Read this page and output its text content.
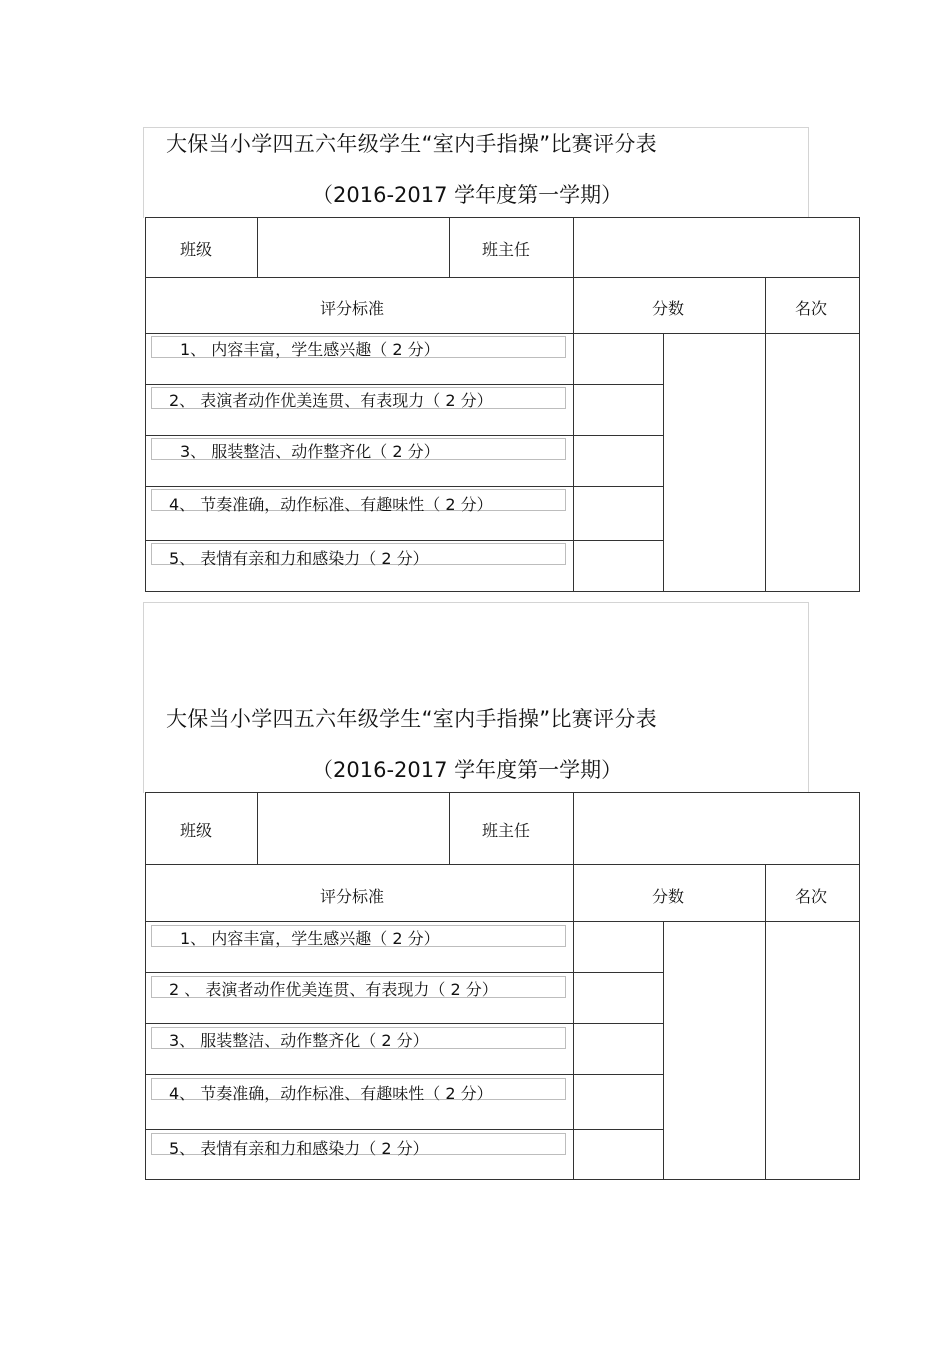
大保当小学四五六年级学生“室内手指操”比赛评分表
（2016-2017 学年度第一学期）
班级	班主任
评分标准	分数	名次
1、 内容丰富，学生感兴趣（ 2 分）
2、 表演者动作优美连贯、有表现力（ 2 分）
3、 服装整洁、动作整齐化（ 2 分）
4、 节奏准确，动作标准、有趣味性（ 2 分）
5、 表情有亲和力和感染力（ 2 分）
大保当小学四五六年级学生“室内手指操”比赛评分表
（2016-2017 学年度第一学期）
班级	班主任
评分标准	分数	名次
1、 内容丰富，学生感兴趣（ 2 分）
2 、 表演者动作优美连贯、有表现力（ 2 分）
3、 服装整洁、动作整齐化（ 2 分）
4、 节奏准确，动作标准、有趣味性（ 2 分）
5、 表情有亲和力和感染力（ 2 分）
